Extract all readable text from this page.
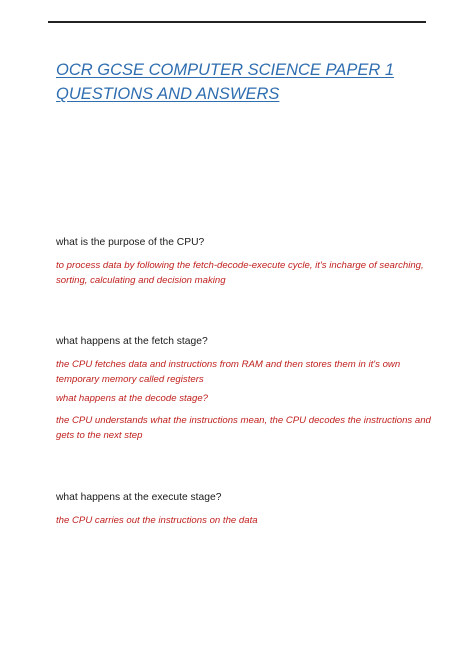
OCR GCSE COMPUTER SCIENCE PAPER 1 QUESTIONS AND ANSWERS

what is the purpose of the CPU?

to process data by following the fetch-decode-execute cycle, it's incharge of searching, sorting, calculating and decision making

what happens at the fetch stage?

the CPU fetches data and instructions from RAM and then stores them in it's own temporary memory called registers

what happens at the decode stage?

the CPU understands what the instructions mean, the CPU decodes the instructions and gets to the next step

what happens at the execute stage?

the CPU carries out the instructions on the data
